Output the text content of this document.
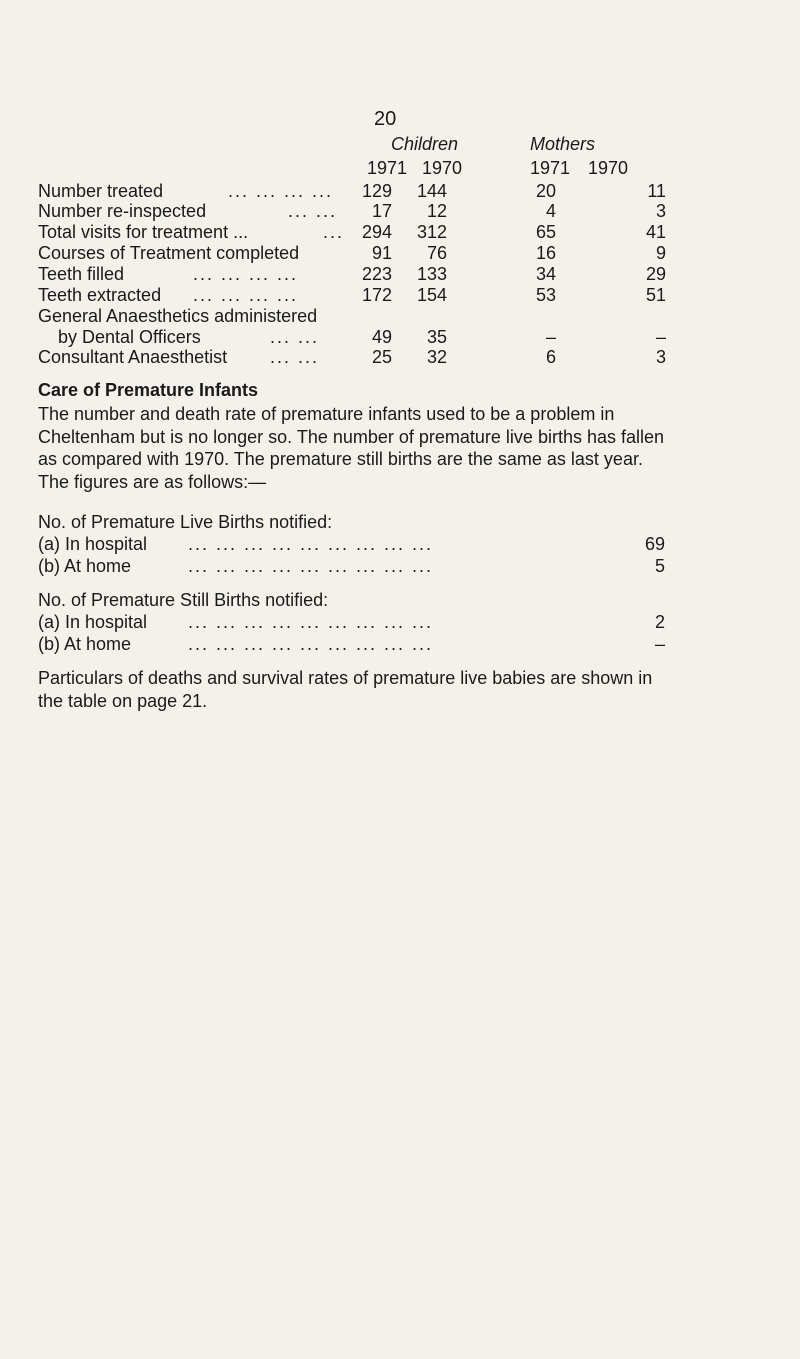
20
Children	Mothers
1971 1970	1971 1970
Number treated	... ... ... ...	129	144	20	11
Number re-inspected	... ...	17	12	4	3
Total visits for treatment ...	... 294	312	65	41
Courses of Treatment completed	91	76	16	9
Teeth filled	... ... ... ...	223	133	34	29
Teeth extracted ... ... ... ...	172	154	53	51
General Anaesthetics administered
by Dental Officers	... ...	49	35	–	–
Consultant Anaesthetist ... ...	25	32	6	3
Care of Premature Infants

The number and death rate of premature infants used to be a problem in Cheltenham but is no longer so. The number of premature live births has fallen as compared with 1970. The premature still births are the same as last year. The figures are as follows:—

No. of Premature Live Births notified:
(a) In hospital ... ... ... ... ... ... ... ... ...	69
(b) At home	... ... ... ... ... ... ... ... ...	5
No. of Premature Still Births notified:
(a) In hospital ... ... ... ... ... ... ... ... ...	2
(b) At home	... ... ... ... ... ... ... ... ...	–

Particulars of deaths and survival rates of premature live babies are shown in the table on page 21.
